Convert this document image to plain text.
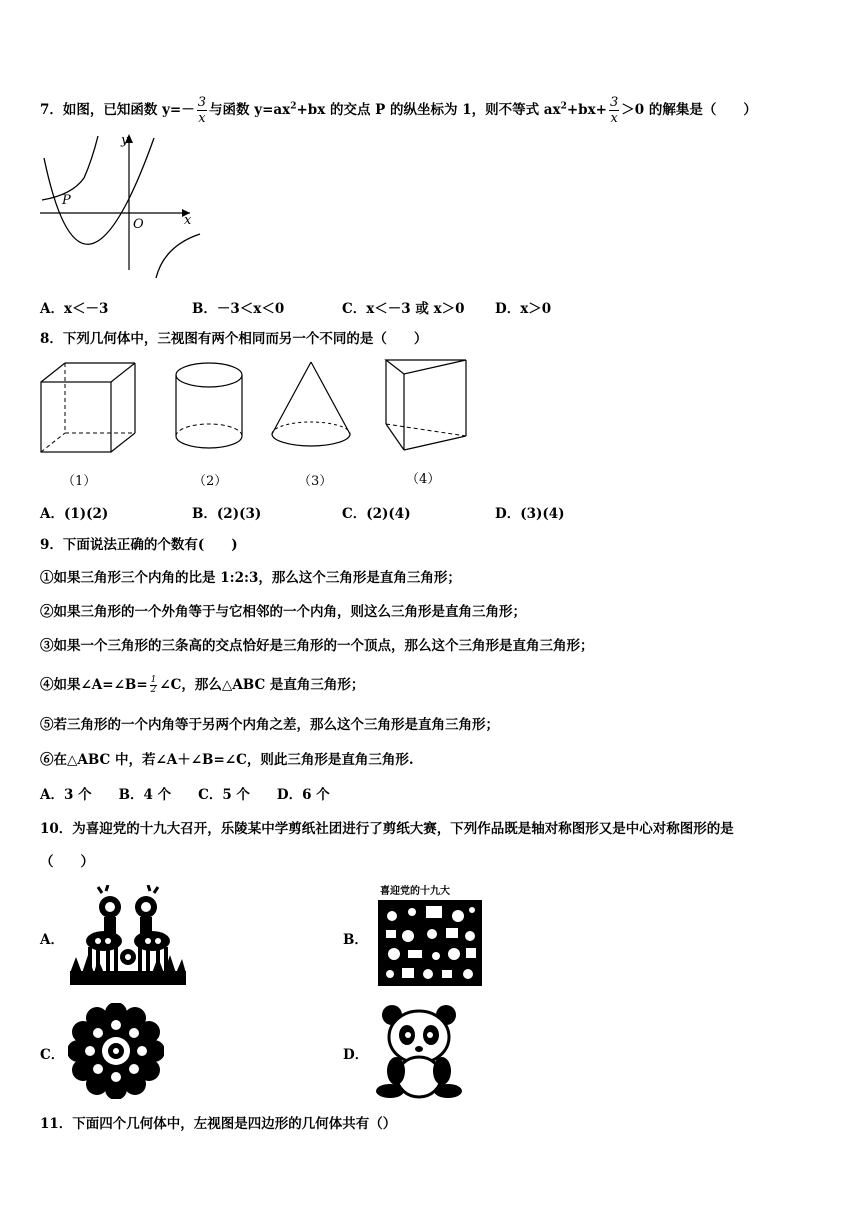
7．如图，已知函数 $y=- \frac{3}{x}$ 与函数 $y=ax^2+bx$ 的交点 P 的纵坐标为 1，则不等式 $ax^2+bx+ \frac{3}{x} >0$ 的解集是（　　）
y
x
P
O
A．x＜－3	B．－3＜x＜0	C．x＜－3 或 x＞0 D．x＞0
8．下列几何体中，三视图有两个相同而另一个不同的是（　　）
（1）	（2）	（3）	（4）
A．(1)(2)	B．(2)(3)	C．(2)(4)	D．(3)(4)
9．下面说法正确的个数有(　　)
①如果三角形三个内角的比是 1:2:3，那么这个三角形是直角三角形；
②如果三角形的一个外角等于与它相邻的一个内角，则这么三角形是直角三角形；
③如果一个三角形的三条高的交点恰好是三角形的一个顶点，那么这个三角形是直角三角形；
④如果∠A=∠B= $\frac{1}{2}$ ∠C，那么△ABC 是直角三角形；
⑤若三角形的一个内角等于另两个内角之差，那么这个三角形是直角三角形；
⑥在△ABC 中，若∠A＋∠B=∠C，则此三角形是直角三角形.
A．3 个　　B．4 个　　C．5 个　　D．6 个
10．为喜迎党的十九大召开，乐陵某中学剪纸社团进行了剪纸大赛，下列作品既是轴对称图形又是中心对称图形的是
（　　）
A．	B．
喜迎党的十九大
C．	D．
11．下面四个几何体中，左视图是四边形的几何体共有（）
